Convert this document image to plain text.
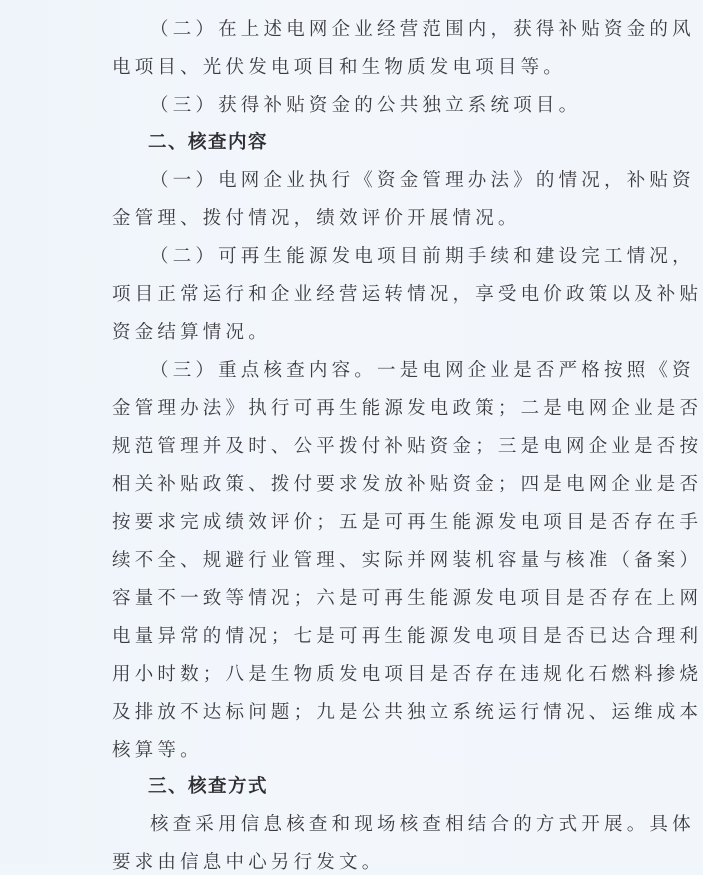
（二）在上述电网企业经营范围内，获得补贴资金的风
电项目、光伏发电项目和生物质发电项目等。
（三）获得补贴资金的公共独立系统项目。
二、核查内容
（一）电网企业执行《资金管理办法》的情况，补贴资
金管理、拨付情况，绩效评价开展情况。
（二）可再生能源发电项目前期手续和建设完工情况，
项目正常运行和企业经营运转情况，享受电价政策以及补贴
资金结算情况。
（三）重点核查内容。一是电网企业是否严格按照《资
金管理办法》执行可再生能源发电政策；二是电网企业是否
规范管理并及时、公平拨付补贴资金；三是电网企业是否按
相关补贴政策、拨付要求发放补贴资金；四是电网企业是否
按要求完成绩效评价；五是可再生能源发电项目是否存在手
续不全、规避行业管理、实际并网装机容量与核准（备案）
容量不一致等情况；六是可再生能源发电项目是否存在上网
电量异常的情况；七是可再生能源发电项目是否已达合理利
用小时数；八是生物质发电项目是否存在违规化石燃料掺烧
及排放不达标问题；九是公共独立系统运行情况、运维成本
核算等。
三、核查方式
核查采用信息核查和现场核查相结合的方式开展。具体
要求由信息中心另行发文。
